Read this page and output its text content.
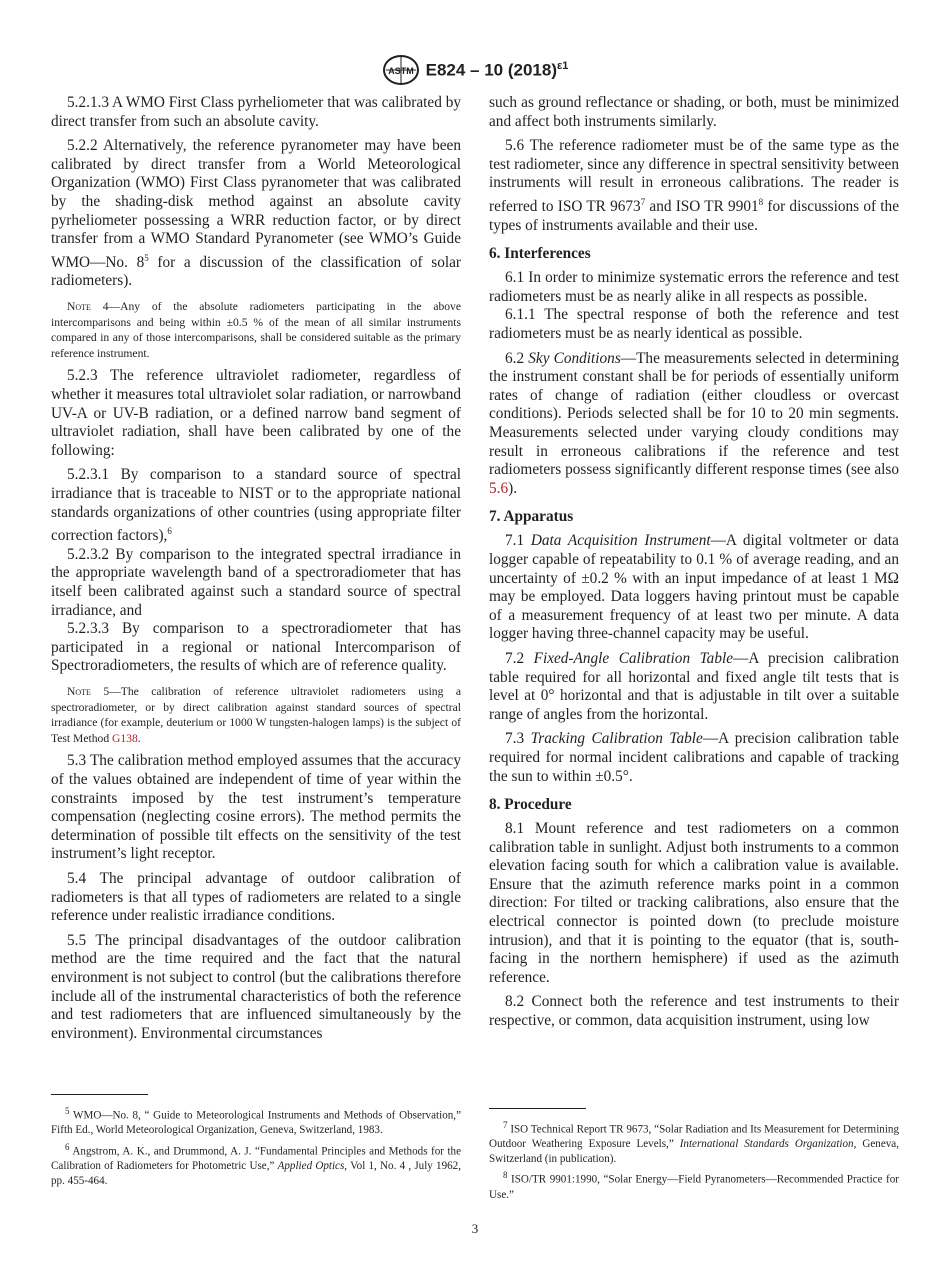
ASTM E824 – 10 $(2018)^{\varepsilon 1}$

5.2.1.3 A WMO First Class pyrheliometer that was calibrated by direct transfer from such an absolute cavity.

5.2.2 Alternatively, the reference pyranometer may have been calibrated by direct transfer from a World Meteorological Organization (WMO) First Class pyranometer that was calibrated by the shading-disk method against an absolute cavity pyrheliometer possessing a WRR reduction factor, or by direct transfer from a WMO Standard Pyranometer (see WMO’s Guide WMO—No. 8$^5$ for a discussion of the classification of solar radiometers).

Note 4—Any of the absolute radiometers participating in the above intercomparisons and being within ±0.5 % of the mean of all similar instruments compared in any of those intercomparisons, shall be considered suitable as the primary reference instrument.

5.2.3 The reference ultraviolet radiometer, regardless of whether it measures total ultraviolet solar radiation, or narrowband UV-A or UV-B radiation, or a defined narrow band segment of ultraviolet radiation, shall have been calibrated by one of the following:

5.2.3.1 By comparison to a standard source of spectral irradiance that is traceable to NIST or to the appropriate national standards organizations of other countries (using appropriate filter correction factors),$^6$

5.2.3.2 By comparison to the integrated spectral irradiance in the appropriate wavelength band of a spectroradiometer that has itself been calibrated against such a standard source of spectral irradiance, and

5.2.3.3 By comparison to a spectroradiometer that has participated in a regional or national Intercomparison of Spectroradiometers, the results of which are of reference quality.

Note 5—The calibration of reference ultraviolet radiometers using a spectroradiometer, or by direct calibration against standard sources of spectral irradiance (for example, deuterium or 1000 W tungsten-halogen lamps) is the subject of Test Method G138.

5.3 The calibration method employed assumes that the accuracy of the values obtained are independent of time of year within the constraints imposed by the test instrument’s temperature compensation (neglecting cosine errors). The method permits the determination of possible tilt effects on the sensitivity of the test instrument’s light receptor.

5.4 The principal advantage of outdoor calibration of radiometers is that all types of radiometers are related to a single reference under realistic irradiance conditions.

5.5 The principal disadvantages of the outdoor calibration method are the time required and the fact that the natural environment is not subject to control (but the calibrations therefore include all of the instrumental characteristics of both the reference and test radiometers that are influenced simultaneously by the environment). Environmental circumstances

such as ground reflectance or shading, or both, must be minimized and affect both instruments similarly.

5.6 The reference radiometer must be of the same type as the test radiometer, since any difference in spectral sensitivity between instruments will result in erroneous calibrations. The reader is referred to ISO TR 9673$^7$ and ISO TR 9901$^8$ for discussions of the types of instruments available and their use.

6. Interferences

6.1 In order to minimize systematic errors the reference and test radiometers must be as nearly alike in all respects as possible.

6.1.1 The spectral response of both the reference and test radiometers must be as nearly identical as possible.

6.2 Sky Conditions—The measurements selected in determining the instrument constant shall be for periods of essentially uniform rates of change of radiation (either cloudless or overcast conditions). Periods selected shall be for 10 to 20 min segments. Measurements selected under varying cloudy conditions may result in erroneous calibrations if the reference and test radiometers possess significantly different response times (see also 5.6).

7. Apparatus

7.1 Data Acquisition Instrument—A digital voltmeter or data logger capable of repeatability to 0.1 % of average reading, and an uncertainty of ±0.2 % with an input impedance of at least 1 MΩ may be employed. Data loggers having printout must be capable of a measurement frequency of at least two per minute. A data logger having three-channel capacity may be useful.

7.2 Fixed-Angle Calibration Table—A precision calibration table required for all horizontal and fixed angle tilt tests that is level at 0° horizontal and that is adjustable in tilt over a suitable range of angles from the horizontal.

7.3 Tracking Calibration Table—A precision calibration table required for normal incident calibrations and capable of tracking the sun to within ±0.5°.

8. Procedure

8.1 Mount reference and test radiometers on a common calibration table in sunlight. Adjust both instruments to a common elevation facing south for which a calibration value is available. Ensure that the azimuth reference marks point in a common direction: For tilted or tracking calibrations, also ensure that the electrical connector is pointed down (to preclude moisture intrusion), and that it is pointing to the equator (that is, south-facing in the northern hemisphere) if used as the azimuth reference.

8.2 Connect both the reference and test instruments to their respective, or common, data acquisition instrument, using low

$^5$ WMO—No. 8, “ Guide to Meteorological Instruments and Methods of Observation,” Fifth Ed., World Meteorological Organization, Geneva, Switzerland, 1983.

$^6$ Angstrom, A. K., and Drummond, A. J. “Fundamental Principles and Methods for the Calibration of Radiometers for Photometric Use,” Applied Optics, Vol 1, No. 4 , July 1962, pp. 455-464.

$^7$ ISO Technical Report TR 9673, “Solar Radiation and Its Measurement for Determining Outdoor Weathering Exposure Levels,” International Standards Organization, Geneva, Switzerland (in publication).

$^8$ ISO/TR 9901:1990, “Solar Energy—Field Pyranometers—Recommended Practice for Use.”

3
